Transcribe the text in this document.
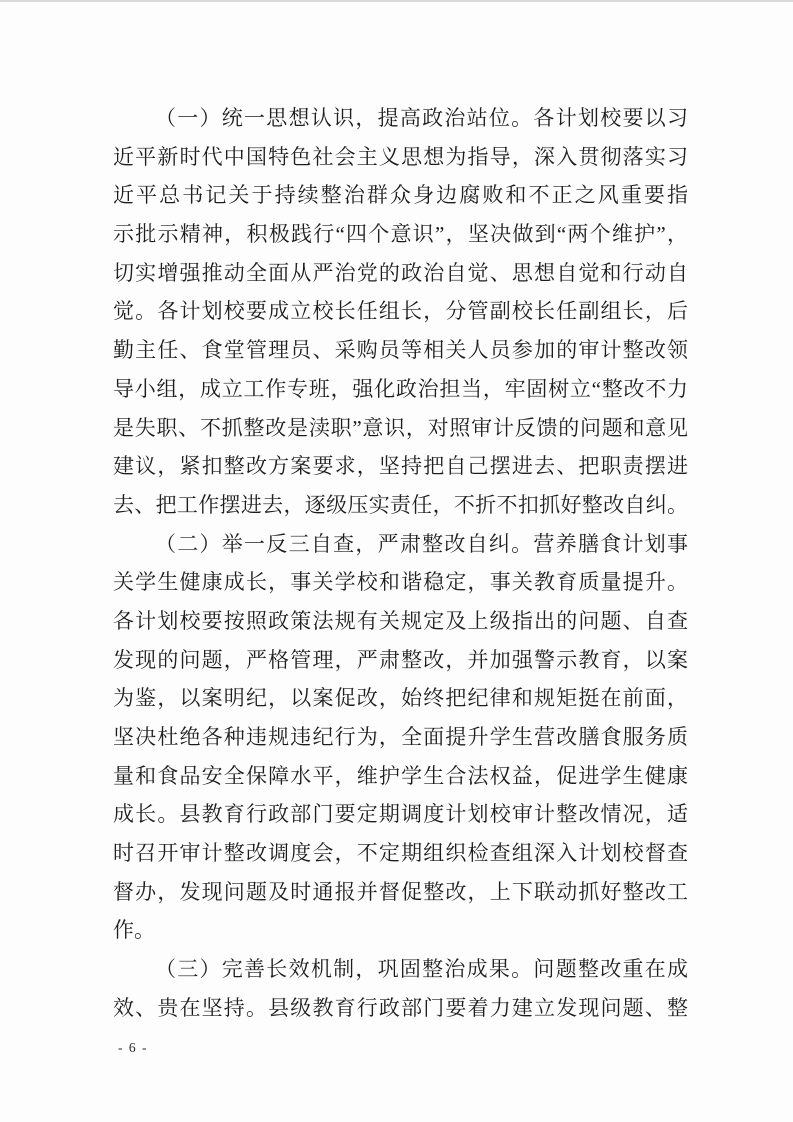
（一）统一思想认识，提高政治站位。各计划校要以习
近平新时代中国特色社会主义思想为指导，深入贯彻落实习
近平总书记关于持续整治群众身边腐败和不正之风重要指
示批示精神，积极践行“四个意识”，坚决做到“两个维护”，
切实增强推动全面从严治党的政治自觉、思想自觉和行动自
觉。各计划校要成立校长任组长，分管副校长任副组长，后
勤主任、食堂管理员、采购员等相关人员参加的审计整改领
导小组，成立工作专班，强化政治担当，牢固树立“整改不力
是失职、不抓整改是渎职”意识，对照审计反馈的问题和意见
建议，紧扣整改方案要求，坚持把自己摆进去、把职责摆进
去、把工作摆进去，逐级压实责任，不折不扣抓好整改自纠。
（二）举一反三自查，严肃整改自纠。营养膳食计划事
关学生健康成长，事关学校和谐稳定，事关教育质量提升。
各计划校要按照政策法规有关规定及上级指出的问题、自查
发现的问题，严格管理，严肃整改，并加强警示教育，以案
为鉴，以案明纪，以案促改，始终把纪律和规矩挺在前面，
坚决杜绝各种违规违纪行为，全面提升学生营改膳食服务质
量和食品安全保障水平，维护学生合法权益，促进学生健康
成长。县教育行政部门要定期调度计划校审计整改情况，适
时召开审计整改调度会，不定期组织检查组深入计划校督查
督办，发现问题及时通报并督促整改，上下联动抓好整改工
作。
（三）完善长效机制，巩固整治成果。问题整改重在成
效、贵在坚持。县级教育行政部门要着力建立发现问题、整
- 6 -
